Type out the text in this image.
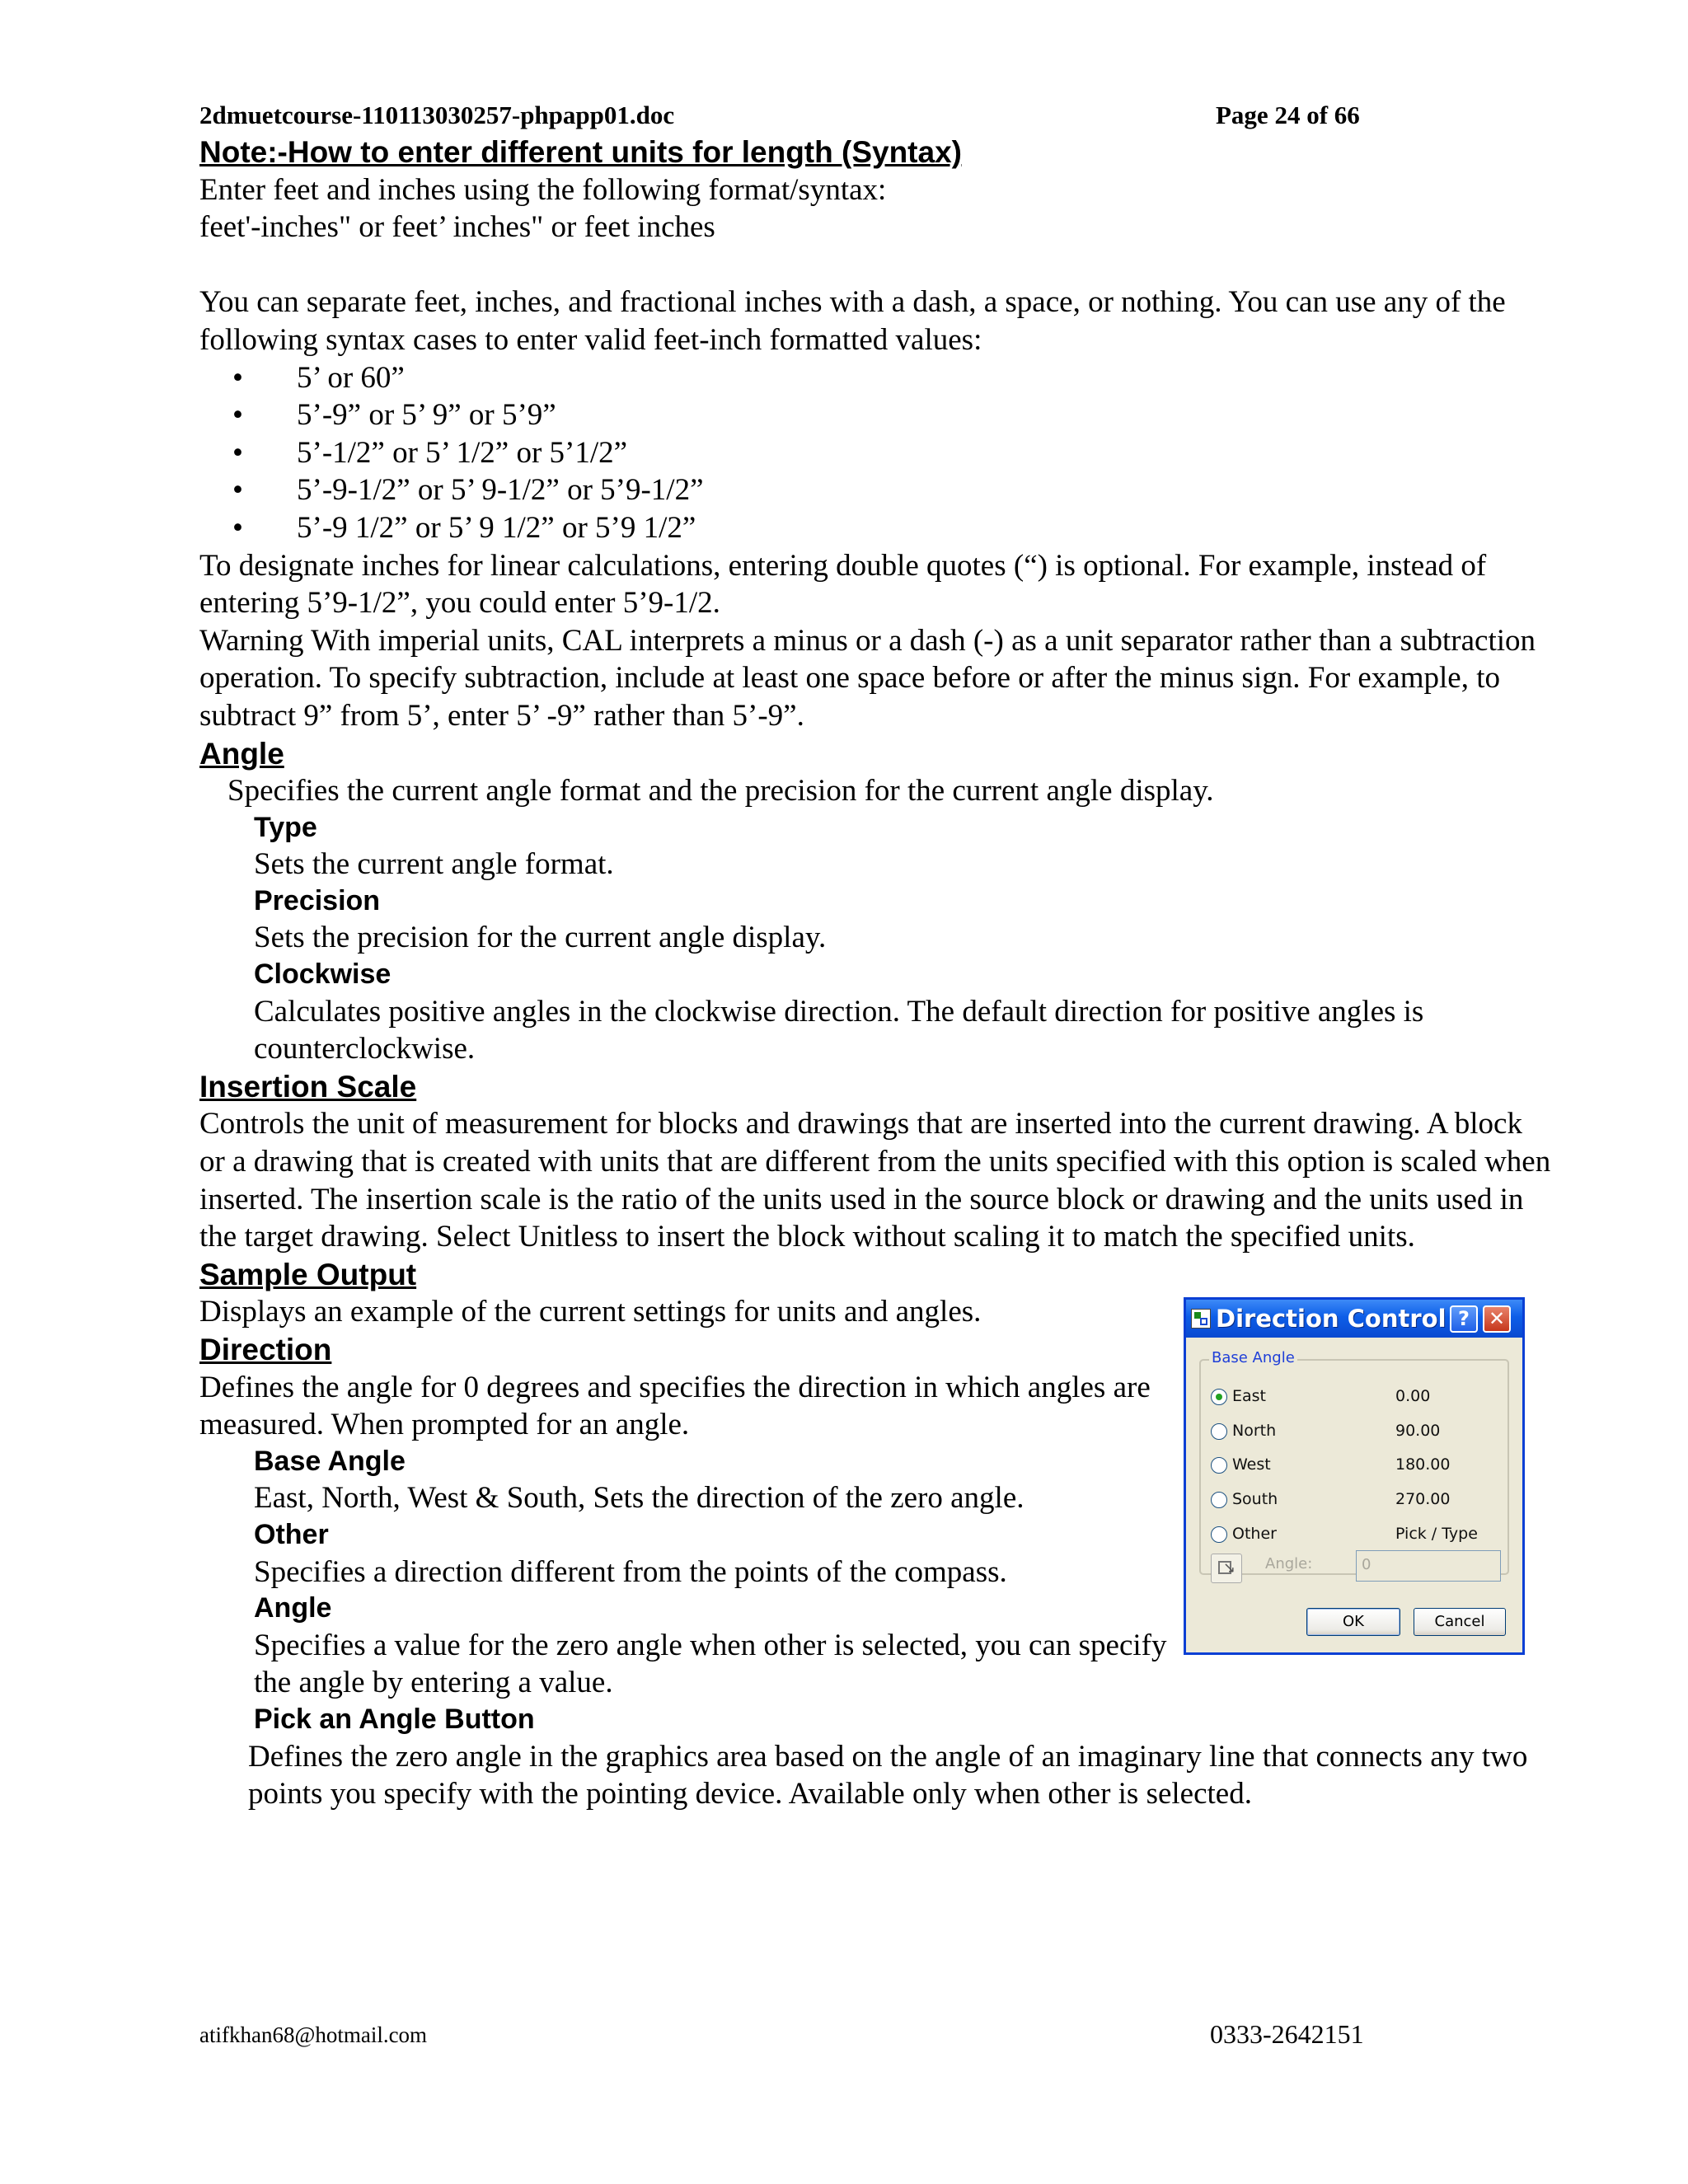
2dmuetcourse-110113030257-phpapp01.doc	Page 24 of 66
Note:-How to enter different units for length (Syntax)

Enter feet and inches using the following format/syntax:

feet'-inches" or feet’ inches" or feet inches

You can separate feet, inches, and fractional inches with a dash, a space, or nothing. You can use any of the following syntax cases to enter valid feet-inch formatted values:

• 5’ or 60”
• 5’-9” or 5’ 9” or 5’9”
• 5’-1/2” or 5’ 1/2” or 5’1/2”
• 5’-9-1/2” or 5’ 9-1/2” or 5’9-1/2”
• 5’-9 1/2” or 5’ 9 1/2” or 5’9 1/2”

To designate inches for linear calculations, entering double quotes (“) is optional. For example, instead of entering 5’9-1/2”, you could enter 5’9-1/2.

Warning With imperial units, CAL interprets a minus or a dash (-) as a unit separator rather than a subtraction operation. To specify subtraction, include at least one space before or after the minus sign. For example, to subtract 9” from 5’, enter 5’ -9” rather than 5’-9”.

Angle

Specifies the current angle format and the precision for the current angle display.

Type

Sets the current angle format.

Precision

Sets the precision for the current angle display.

Clockwise

Calculates positive angles in the clockwise direction. The default direction for positive angles is counterclockwise.

Insertion Scale

Controls the unit of measurement for blocks and drawings that are inserted into the current drawing. A block or a drawing that is created with units that are different from the units specified with this option is scaled when inserted. The insertion scale is the ratio of the units used in the source block or drawing and the units used in the target drawing. Select Unitless to insert the block without scaling it to match the specified units.

Sample Output

Displays an example of the current settings for units and angles.

Direction

Defines the angle for 0 degrees and specifies the direction in which angles are measured. When prompted for an angle.

Base Angle

East, North, West & South, Sets the direction of the zero angle.

Other

Specifies a direction different from the points of the compass.

Angle

Specifies a value for the zero angle when other is selected, you can specify the angle by entering a value.

Pick an Angle Button

Defines the zero angle in the graphics area based on the angle of an imaginary line that connects any two points you specify with the pointing device. Available only when other is selected.

Direction Control ? ✕
Base Angle
East	0.00
North	90.00
West	180.00
South	270.00
Other	Pick / Type
↘
Angle:	0
OK	Cancel
atifkhan68@hotmail.com	0333-2642151
